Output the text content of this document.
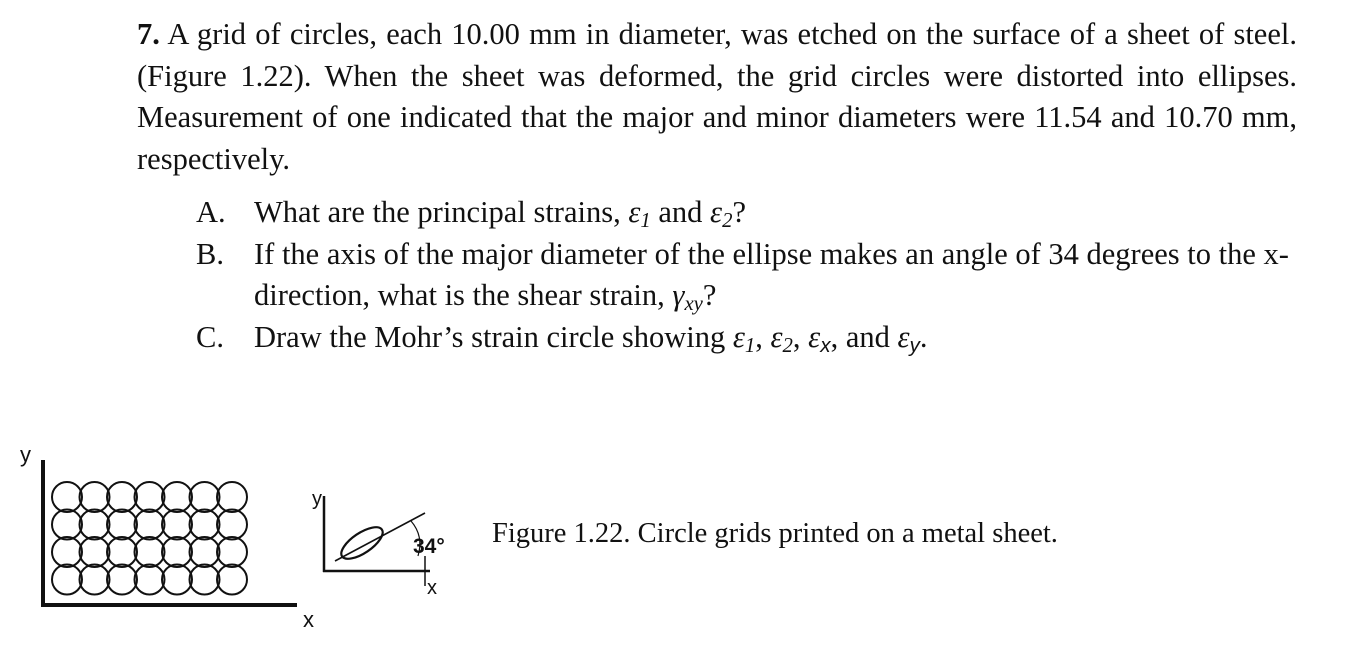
7. A grid of circles, each 10.00 mm in diameter, was etched on the surface of a sheet of steel. (Figure 1.22). When the sheet was deformed, the grid circles were distorted into ellipses. Measurement of one indicated that the major and minor diameters were 11.54 and 10.70 mm, respectively.
A. What are the principal strains, $\varepsilon_1$ and $\varepsilon_2$?
B. If the axis of the major diameter of the ellipse makes an angle of 34 degrees to the x-direction, what is the shear strain, $\gamma_{xy}$?
C. Draw the Mohr’s strain circle showing $\varepsilon_1$, $\varepsilon_2$, $\varepsilon_x$, and $\varepsilon_y$.
y
x
y
34°
x
Figure 1.22. Circle grids printed on a metal sheet.
